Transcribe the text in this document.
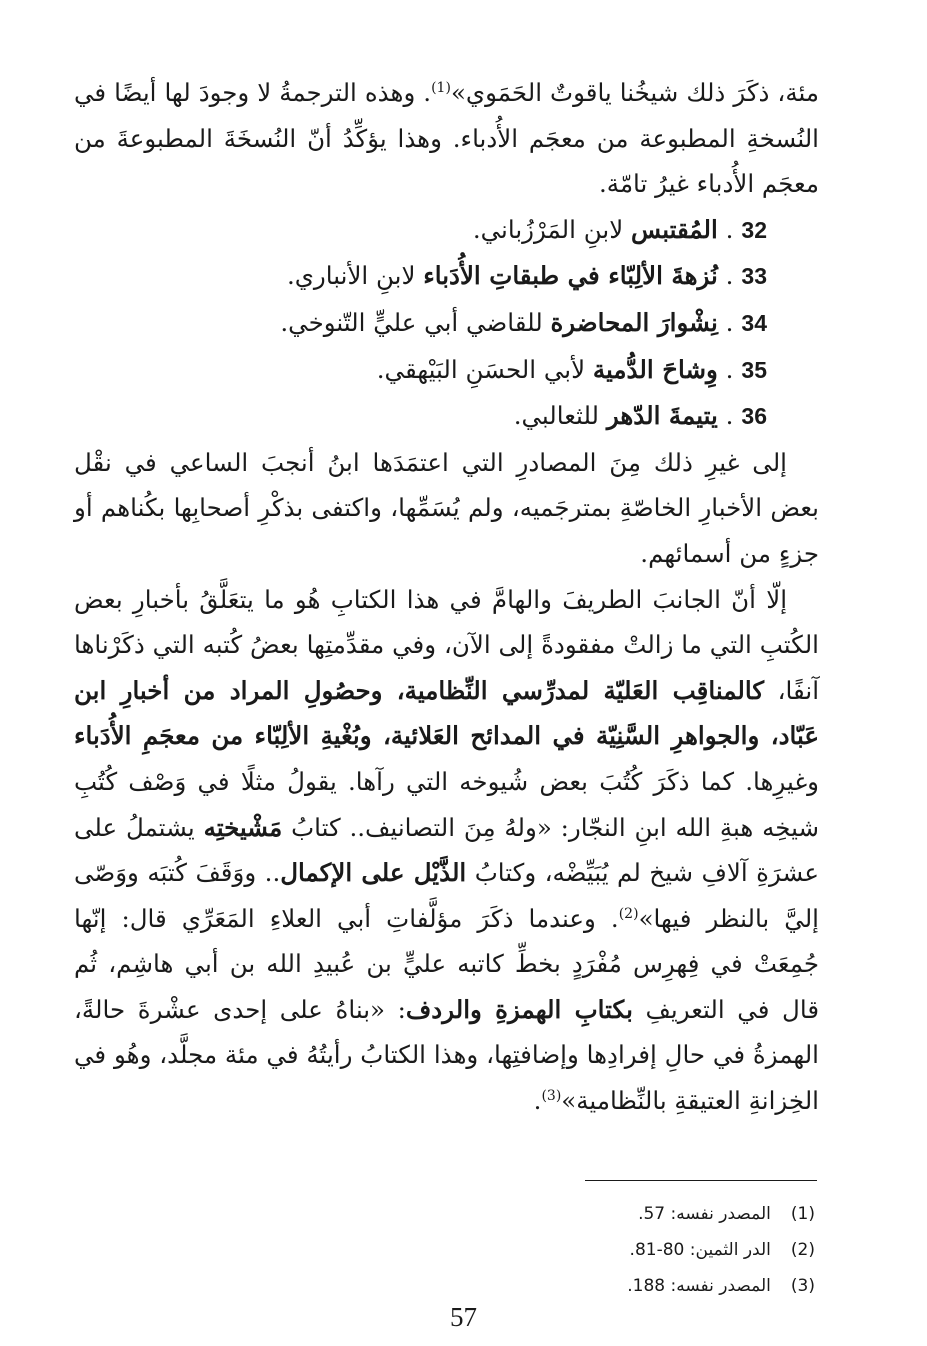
مئة، ذكَرَ ذلك شيخُنا ياقوتٌ الحَمَوي»$^{(1)}$. وهذه الترجمةُ لا وجودَ لها أيضًا في النُسخةِ المطبوعة من معجَم الأُدباء. وهذا يؤكِّدُ أنّ النُسخَةَ المطبوعةَ من معجَم الأُدباء غيرُ تامّة.

32. المُقتبس لابنِ المَرْزُباني.
33. نُزهةَ الألِبّاء في طبقاتِ الأُدَباء لابنِ الأنباري.
34. نِشْوارَ المحاضرة للقاضي أبي عليٍّ التّنوخي.
35. وِشاحَ الدُّمية لأبي الحسَنِ البَيْهقي.
36. يتيمةَ الدّهر للثعالبي.

إلى غيرِ ذلك مِنَ المصادرِ التي اعتمَدَها ابنُ أنجبَ الساعي في نقْل بعض الأخبارِ الخاصّةِ بمترجَميه، ولم يُسَمِّها، واكتفى بذكْرِ أصحابِها بكُناهم أو جزءٍ من أسمائهم.

إلّا أنّ الجانبَ الطريفَ والهامَّ في هذا الكتابِ هُو ما يتعَلَّقُ بأخبارِ بعض الكُتبِ التي ما زالتْ مفقودةً إلى الآن، وفي مقدِّمتِها بعضُ كُتبه التي ذكَرْناها آنفًا، كالمناقِب العَليّة لمدرِّسي النِّظامية، وحصُولِ المراد من أخبارِ ابن عَبّاد، والجواهرِ السَّنِيّة في المدائح العَلائية، وبُغْيةِ الألِبّاء من معجَمِ الأُدَباء وغيرِها. كما ذكَرَ كُتُبَ بعض شُيوخه التي رآها. يقولُ مثلًا في وَصْف كُتُبِ شيخِه هبةِ الله ابنِ النجّار: «ولهُ مِنَ التصانيف.. كتابُ مَشْيختِه يشتملُ على عشرَةِ آلافِ شيخ لم يُبَيِّضْه، وكتابُ الذَّيْل على الإكمال.. ووَقَفَ كُتبَه ووَصّى إليَّ بالنظر فيها»$^{(2)}$. وعندما ذكَرَ مؤلَّفاتِ أبي العلاءِ المَعَرِّي قال: إنّها جُمِعَتْ في فِهرِس مُفْرَدٍ بخطِّ كاتبه عليٍّ بن عُبيدِ الله بن أبي هاشِم، ثُم قال في التعريفِ بكتابِ الهمزةِ والردف: «بناهُ على إحدى عشْرةَ حالةً، الهمزةُ في حالِ إفرادِها وإضافتِها، وهذا الكتابُ رأيتُهُ في مئة مجلَّد، وهُو في الخِزانةِ العتيقةِ بالنِّظامية»$^{(3)}$.

(1)المصدر نفسه: 57.

(2)الدر الثمين: 80-81.

(3)المصدر نفسه: 188.

57
